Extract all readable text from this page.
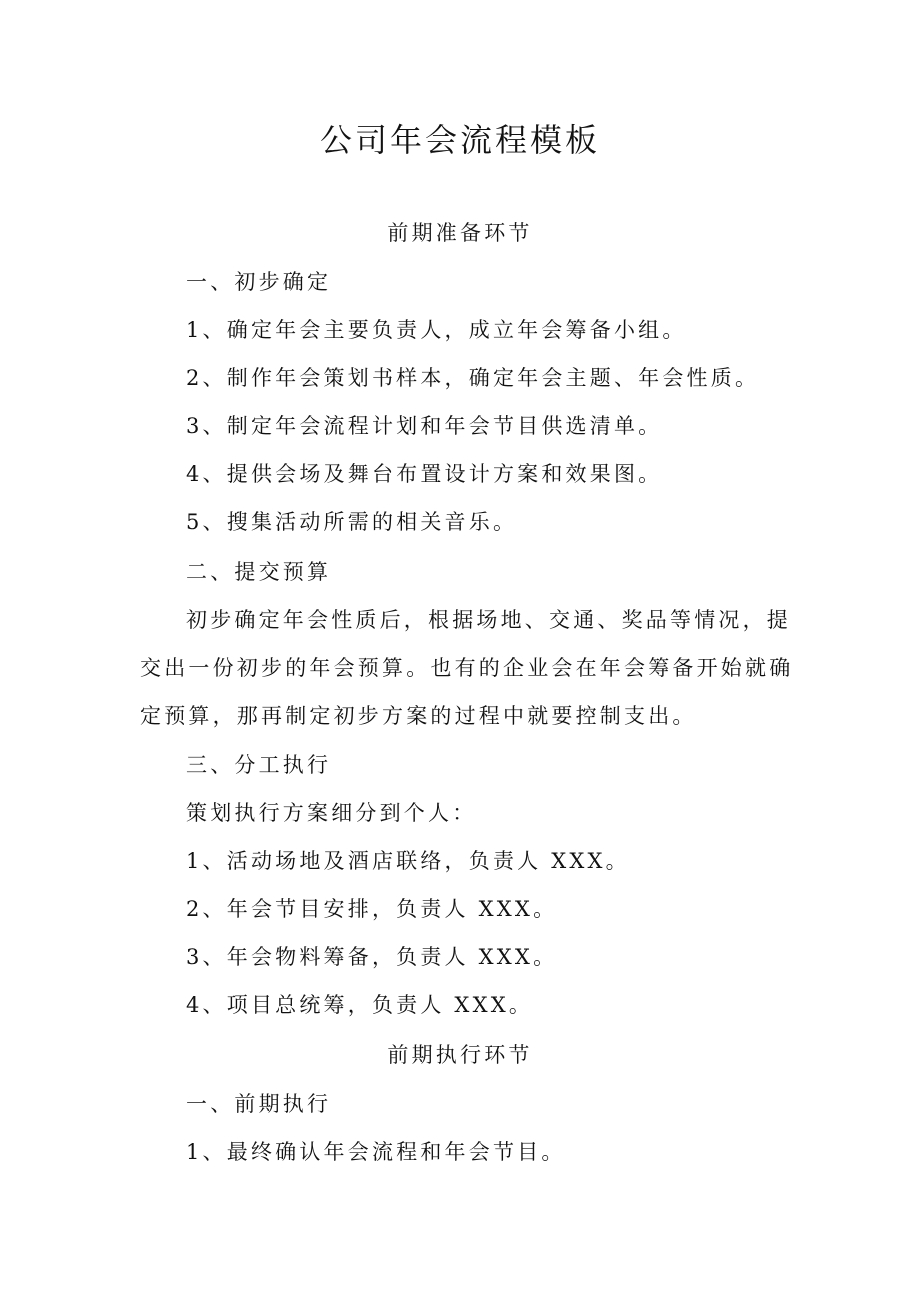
公司年会流程模板

前期准备环节

一、初步确定

1、确定年会主要负责人，成立年会筹备小组。

2、制作年会策划书样本，确定年会主题、年会性质。

3、制定年会流程计划和年会节目供选清单。

4、提供会场及舞台布置设计方案和效果图。

5、搜集活动所需的相关音乐。

二、提交预算

初步确定年会性质后，根据场地、交通、奖品等情况，提

交出一份初步的年会预算。也有的企业会在年会筹备开始就确

定预算，那再制定初步方案的过程中就要控制支出。

三、分工执行

策划执行方案细分到个人：

1、活动场地及酒店联络，负责人 XXX。

2、年会节目安排，负责人 XXX。

3、年会物料筹备，负责人 XXX。

4、项目总统筹，负责人 XXX。

前期执行环节

一、前期执行

1、最终确认年会流程和年会节目。
